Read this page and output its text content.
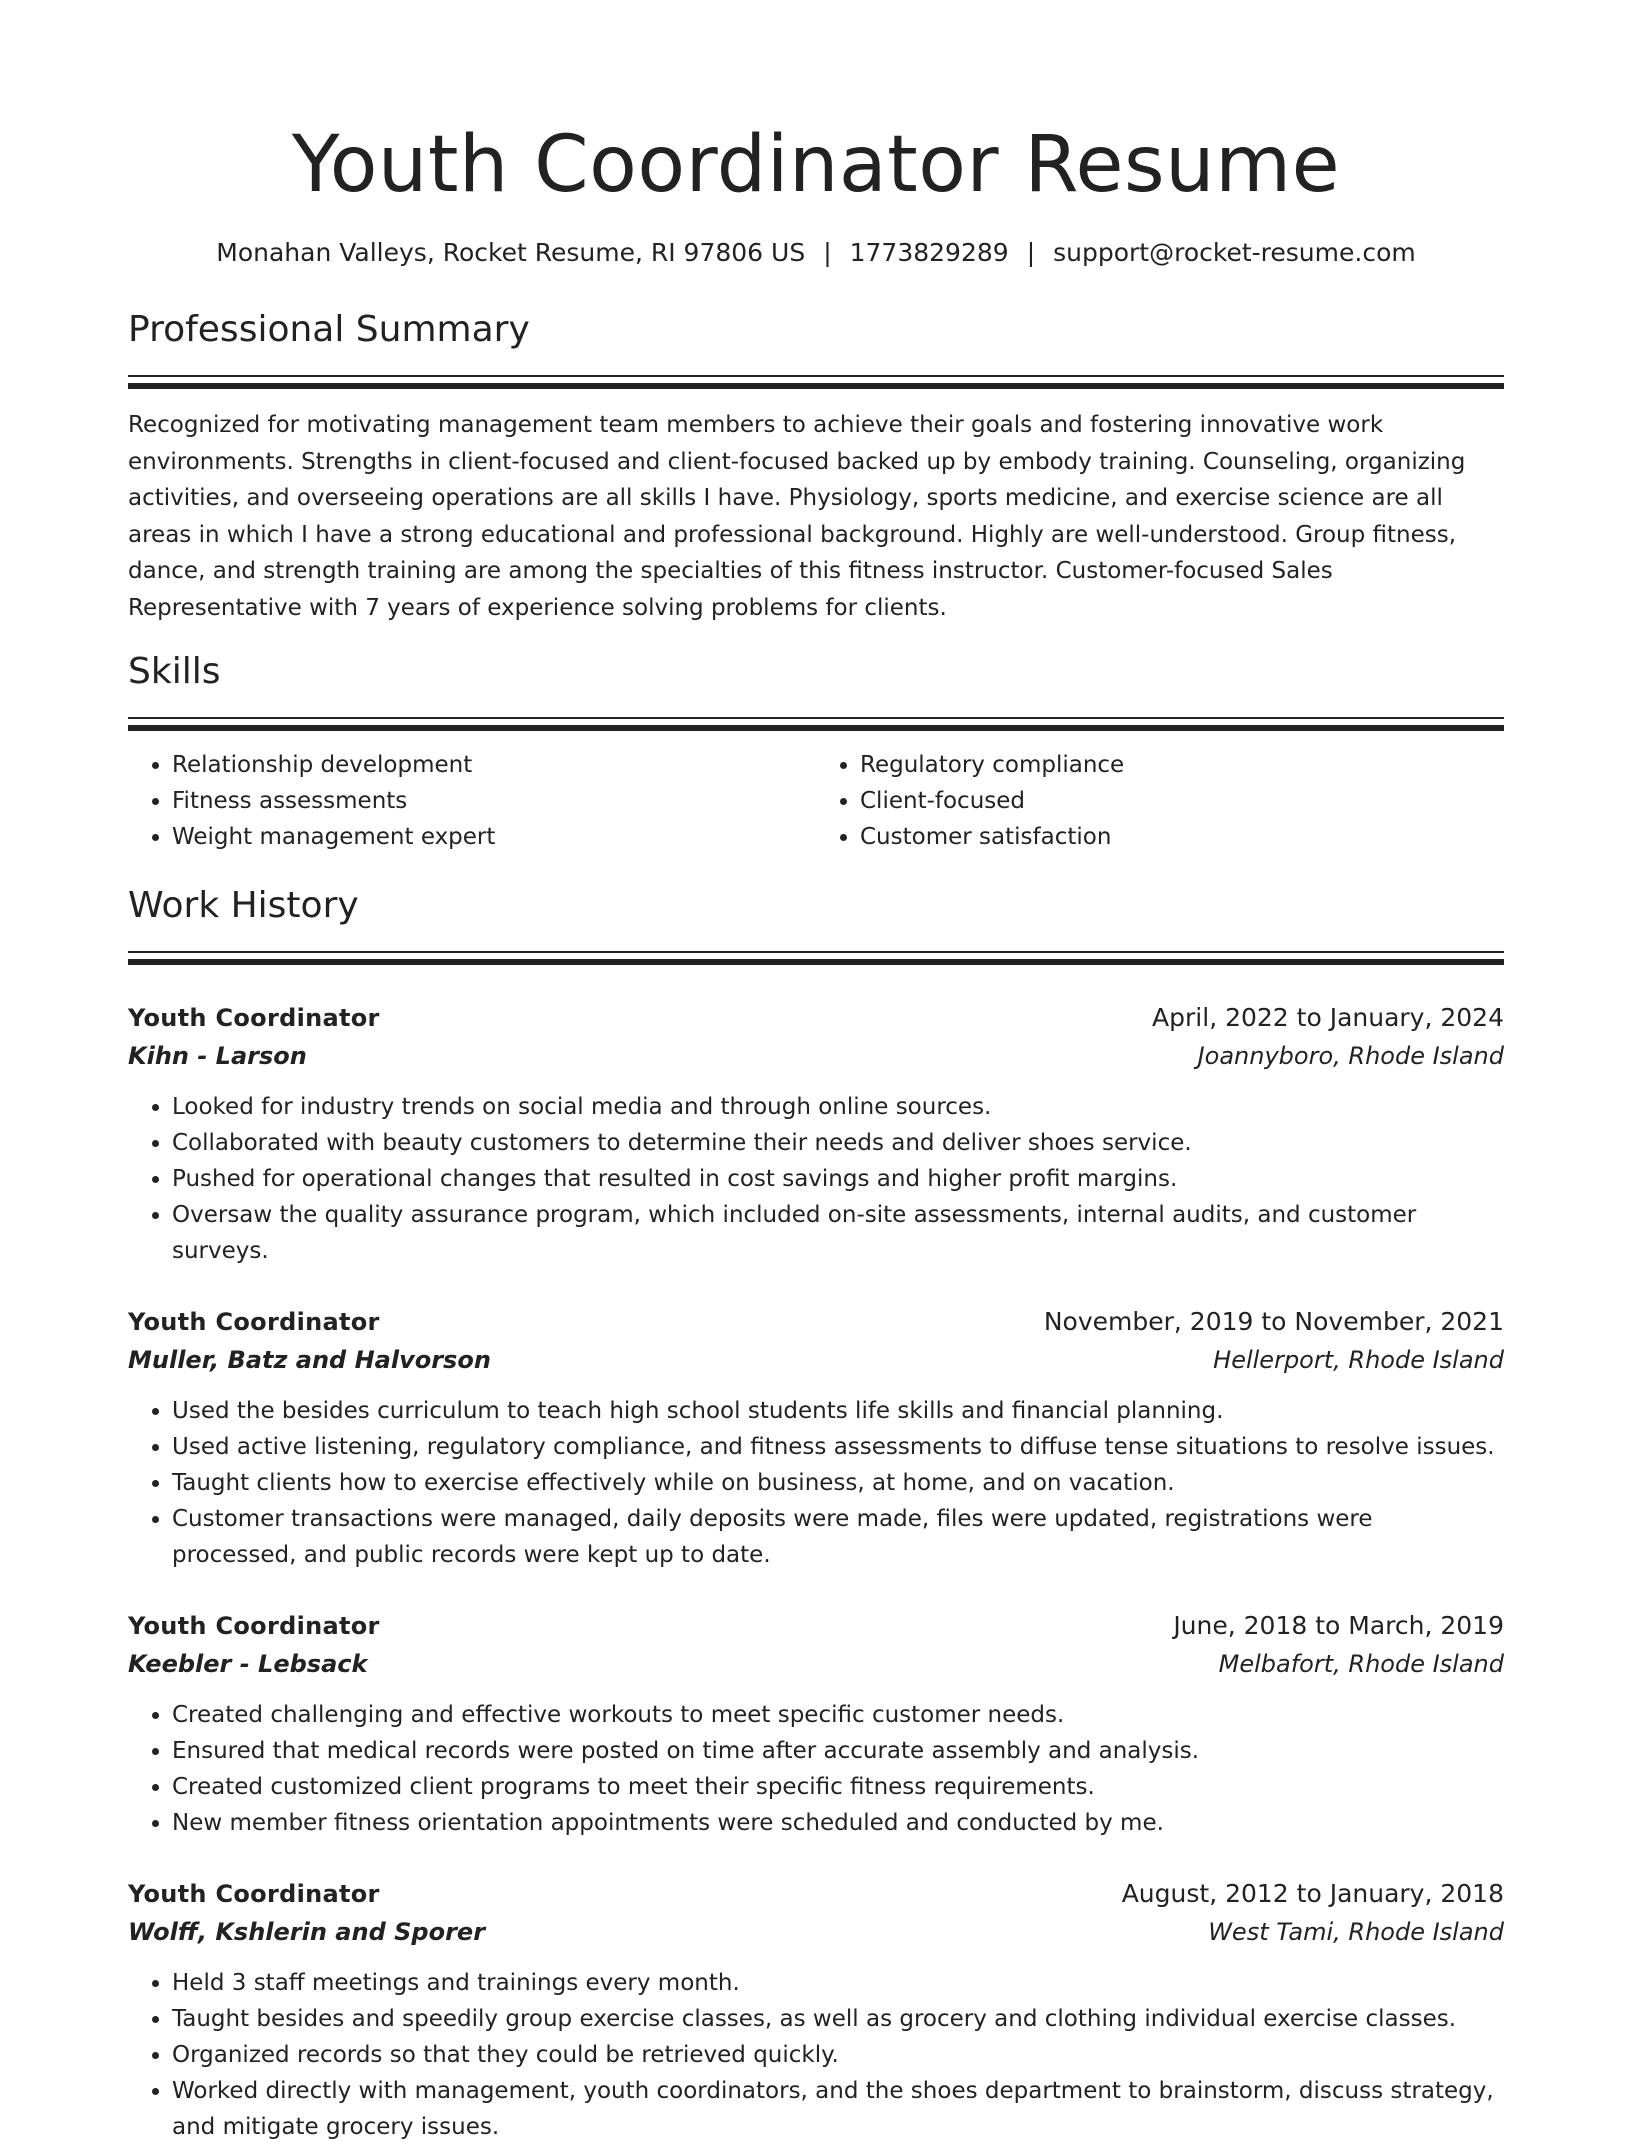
Youth Coordinator Resume
Monahan Valleys, Rocket Resume, RI 97806 US | 1773829289 | support@rocket-resume.com
Professional Summary

Recognized for motivating management team members to achieve their goals and fostering innovative work environments. Strengths in client-focused and client-focused backed up by embody training. Counseling, organizing activities, and overseeing operations are all skills I have. Physiology, sports medicine, and exercise science are all areas in which I have a strong educational and professional background. Highly are well-understood. Group fitness, dance, and strength training are among the specialties of this fitness instructor. Customer-focused Sales Representative with 7 years of experience solving problems for clients.

Skills
• Relationship development
• Fitness assessments
• Weight management expert
• Regulatory compliance
• Client-focused
• Customer satisfaction
Work History
Youth Coordinator	April, 2022 to January, 2024
Kihn - Larson	Joannyboro, Rhode Island
• Looked for industry trends on social media and through online sources.
• Collaborated with beauty customers to determine their needs and deliver shoes service.
• Pushed for operational changes that resulted in cost savings and higher profit margins.
• Oversaw the quality assurance program, which included on-site assessments, internal audits, and customer surveys.
Youth Coordinator	November, 2019 to November, 2021
Muller, Batz and Halvorson	Hellerport, Rhode Island
• Used the besides curriculum to teach high school students life skills and financial planning.
• Used active listening, regulatory compliance, and fitness assessments to diffuse tense situations to resolve issues.
• Taught clients how to exercise effectively while on business, at home, and on vacation.
• Customer transactions were managed, daily deposits were made, files were updated, registrations were processed, and public records were kept up to date.
Youth Coordinator	June, 2018 to March, 2019
Keebler - Lebsack	Melbafort, Rhode Island
• Created challenging and effective workouts to meet specific customer needs.
• Ensured that medical records were posted on time after accurate assembly and analysis.
• Created customized client programs to meet their specific fitness requirements.
• New member fitness orientation appointments were scheduled and conducted by me.
Youth Coordinator	August, 2012 to January, 2018
Wolff, Kshlerin and Sporer	West Tami, Rhode Island
• Held 3 staff meetings and trainings every month.
• Taught besides and speedily group exercise classes, as well as grocery and clothing individual exercise classes.
• Organized records so that they could be retrieved quickly.
• Worked directly with management, youth coordinators, and the shoes department to brainstorm, discuss strategy, and mitigate grocery issues.
